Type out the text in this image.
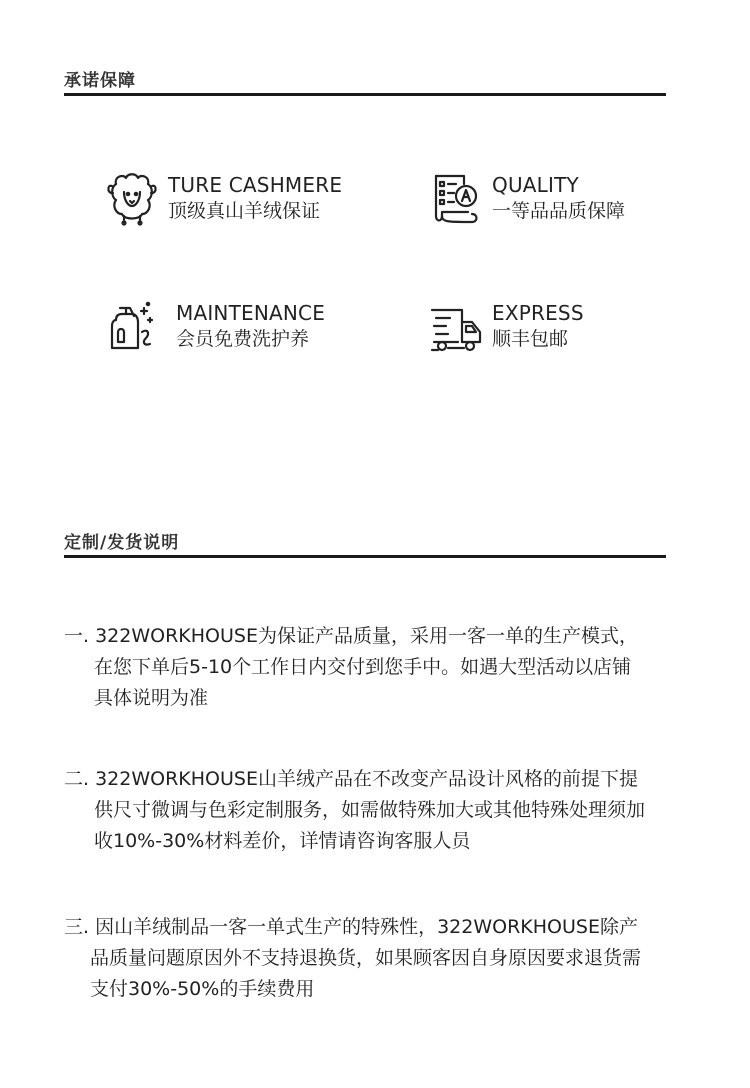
承诺保障
TURE CASHMERE
顶级真山羊绒保证
QUALITY
一等品品质保障
MAINTENANCE
会员免费洗护养
EXPRESS
顺丰包邮
定制/发货说明
一. 322WORKHOUSE为保证产品质量，采用一客一单的生产模式，
在您下单后5-10个工作日内交付到您手中。如遇大型活动以店铺
具体说明为准
二. 322WORKHOUSE山羊绒产品在不改变产品设计风格的前提下提
供尺寸微调与色彩定制服务，如需做特殊加大或其他特殊处理须加
收10%-30%材料差价，详情请咨询客服人员
三. 因山羊绒制品一客一单式生产的特殊性，322WORKHOUSE除产
品质量问题原因外不支持退换货，如果顾客因自身原因要求退货需
支付30%-50%的手续费用
